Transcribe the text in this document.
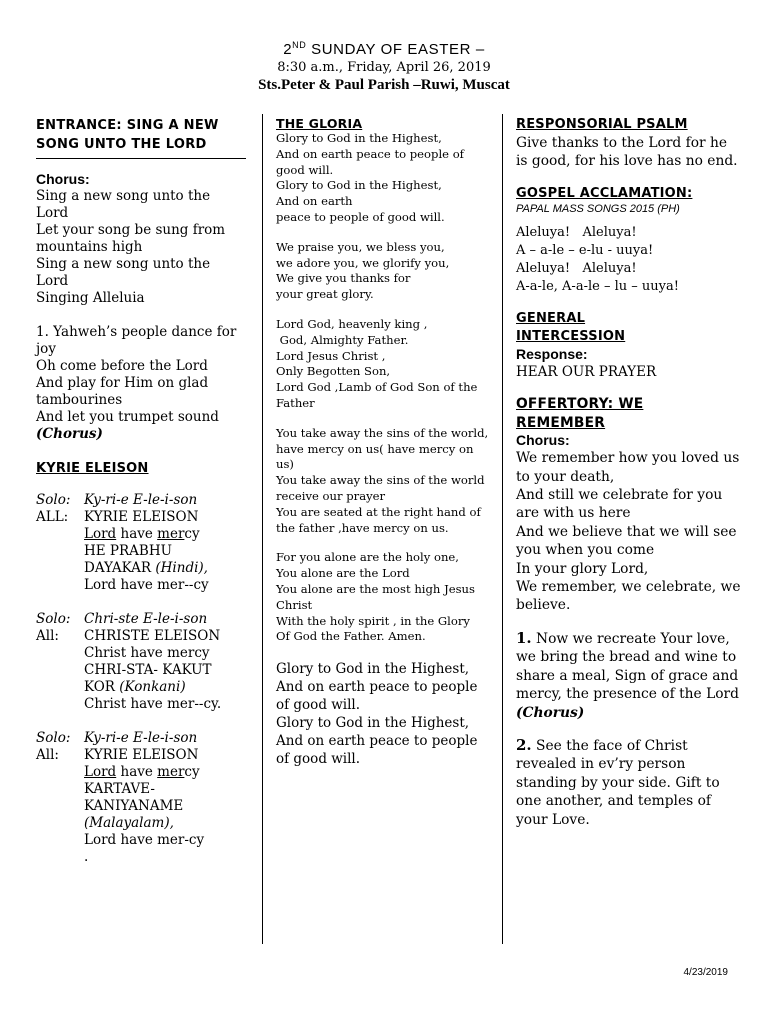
2ND SUNDAY OF EASTER –
8:30 a.m., Friday, April 26, 2019
Sts.Peter & Paul Parish –Ruwi, Muscat
ENTRANCE: SING A NEW SONG UNTO THE LORD
Chorus:
Sing a new song unto the Lord
Let your song be sung from mountains high
Sing a new song unto the Lord
Singing Alleluia
1. Yahweh’s people dance for joy
Oh come before the Lord
And play for Him on glad tambourines
And let you trumpet sound
(Chorus)
KYRIE ELEISON
Solo:	Ky-ri-e E-le-i-son
ALL:	KYRIE ELEISON
Lord have mercy
HE PRABHU
DAYAKAR (Hindi),
Lord have mer--cy
Solo:	Chri-ste E-le-i-son
All:	CHRISTE ELEISON
Christ have mercy
CHRI-STA- KAKUT
KOR (Konkani)
Christ have mer--cy.
Solo:	Ky-ri-e E-le-i-son
All:	KYRIE ELEISON
Lord have mercy
KARTAVE-
KANIYANAME
(Malayalam),
Lord have mer-cy
.
THE GLORIA
Glory to God in the Highest,
And on earth peace to people of good will.
Glory to God in the Highest,
And on earth
peace to people of good will.
We praise you, we bless you,
we adore you, we glorify you,
We give you thanks for
your great glory.
Lord God, heavenly king ,
God, Almighty Father.
Lord Jesus Christ ,
Only Begotten Son,
Lord God ,Lamb of God Son of the Father
You take away the sins of the world, have mercy on us( have mercy on us)
You take away the sins of the world
receive our prayer
You are seated at the right hand of the father ,have mercy on us.
For you alone are the holy one,
You alone are the Lord
You alone are the most high Jesus Christ
With the holy spirit , in the Glory
Of God the Father. Amen.
Glory to God in the Highest,
And on earth peace to people of good will.
Glory to God in the Highest,
And on earth peace to people of good will.
RESPONSORIAL PSALM
Give thanks to the Lord for he is good, for his love has no end.
GOSPEL ACCLAMATION:
PAPAL MASS SONGS 2015 (PH)
Aleluya!   Aleluya!
A – a-le – e-lu - uuya!
Aleluya!   Aleluya!
A-a-le, A-a-le – lu – uuya!
GENERAL INTERCESSION
Response:
HEAR OUR PRAYER
OFFERTORY: WE REMEMBER
Chorus:
We remember how you loved us to your death,
And still we celebrate for you are with us here
And we believe that we will see you when you come
In your glory Lord,
We remember, we celebrate, we believe.
1. Now we recreate Your love, we bring the bread and wine to share a meal, Sign of grace and mercy, the presence of the Lord
(Chorus)
2. See the face of Christ revealed in ev’ry person standing by your side. Gift to one another, and temples of your Love.
4/23/2019
